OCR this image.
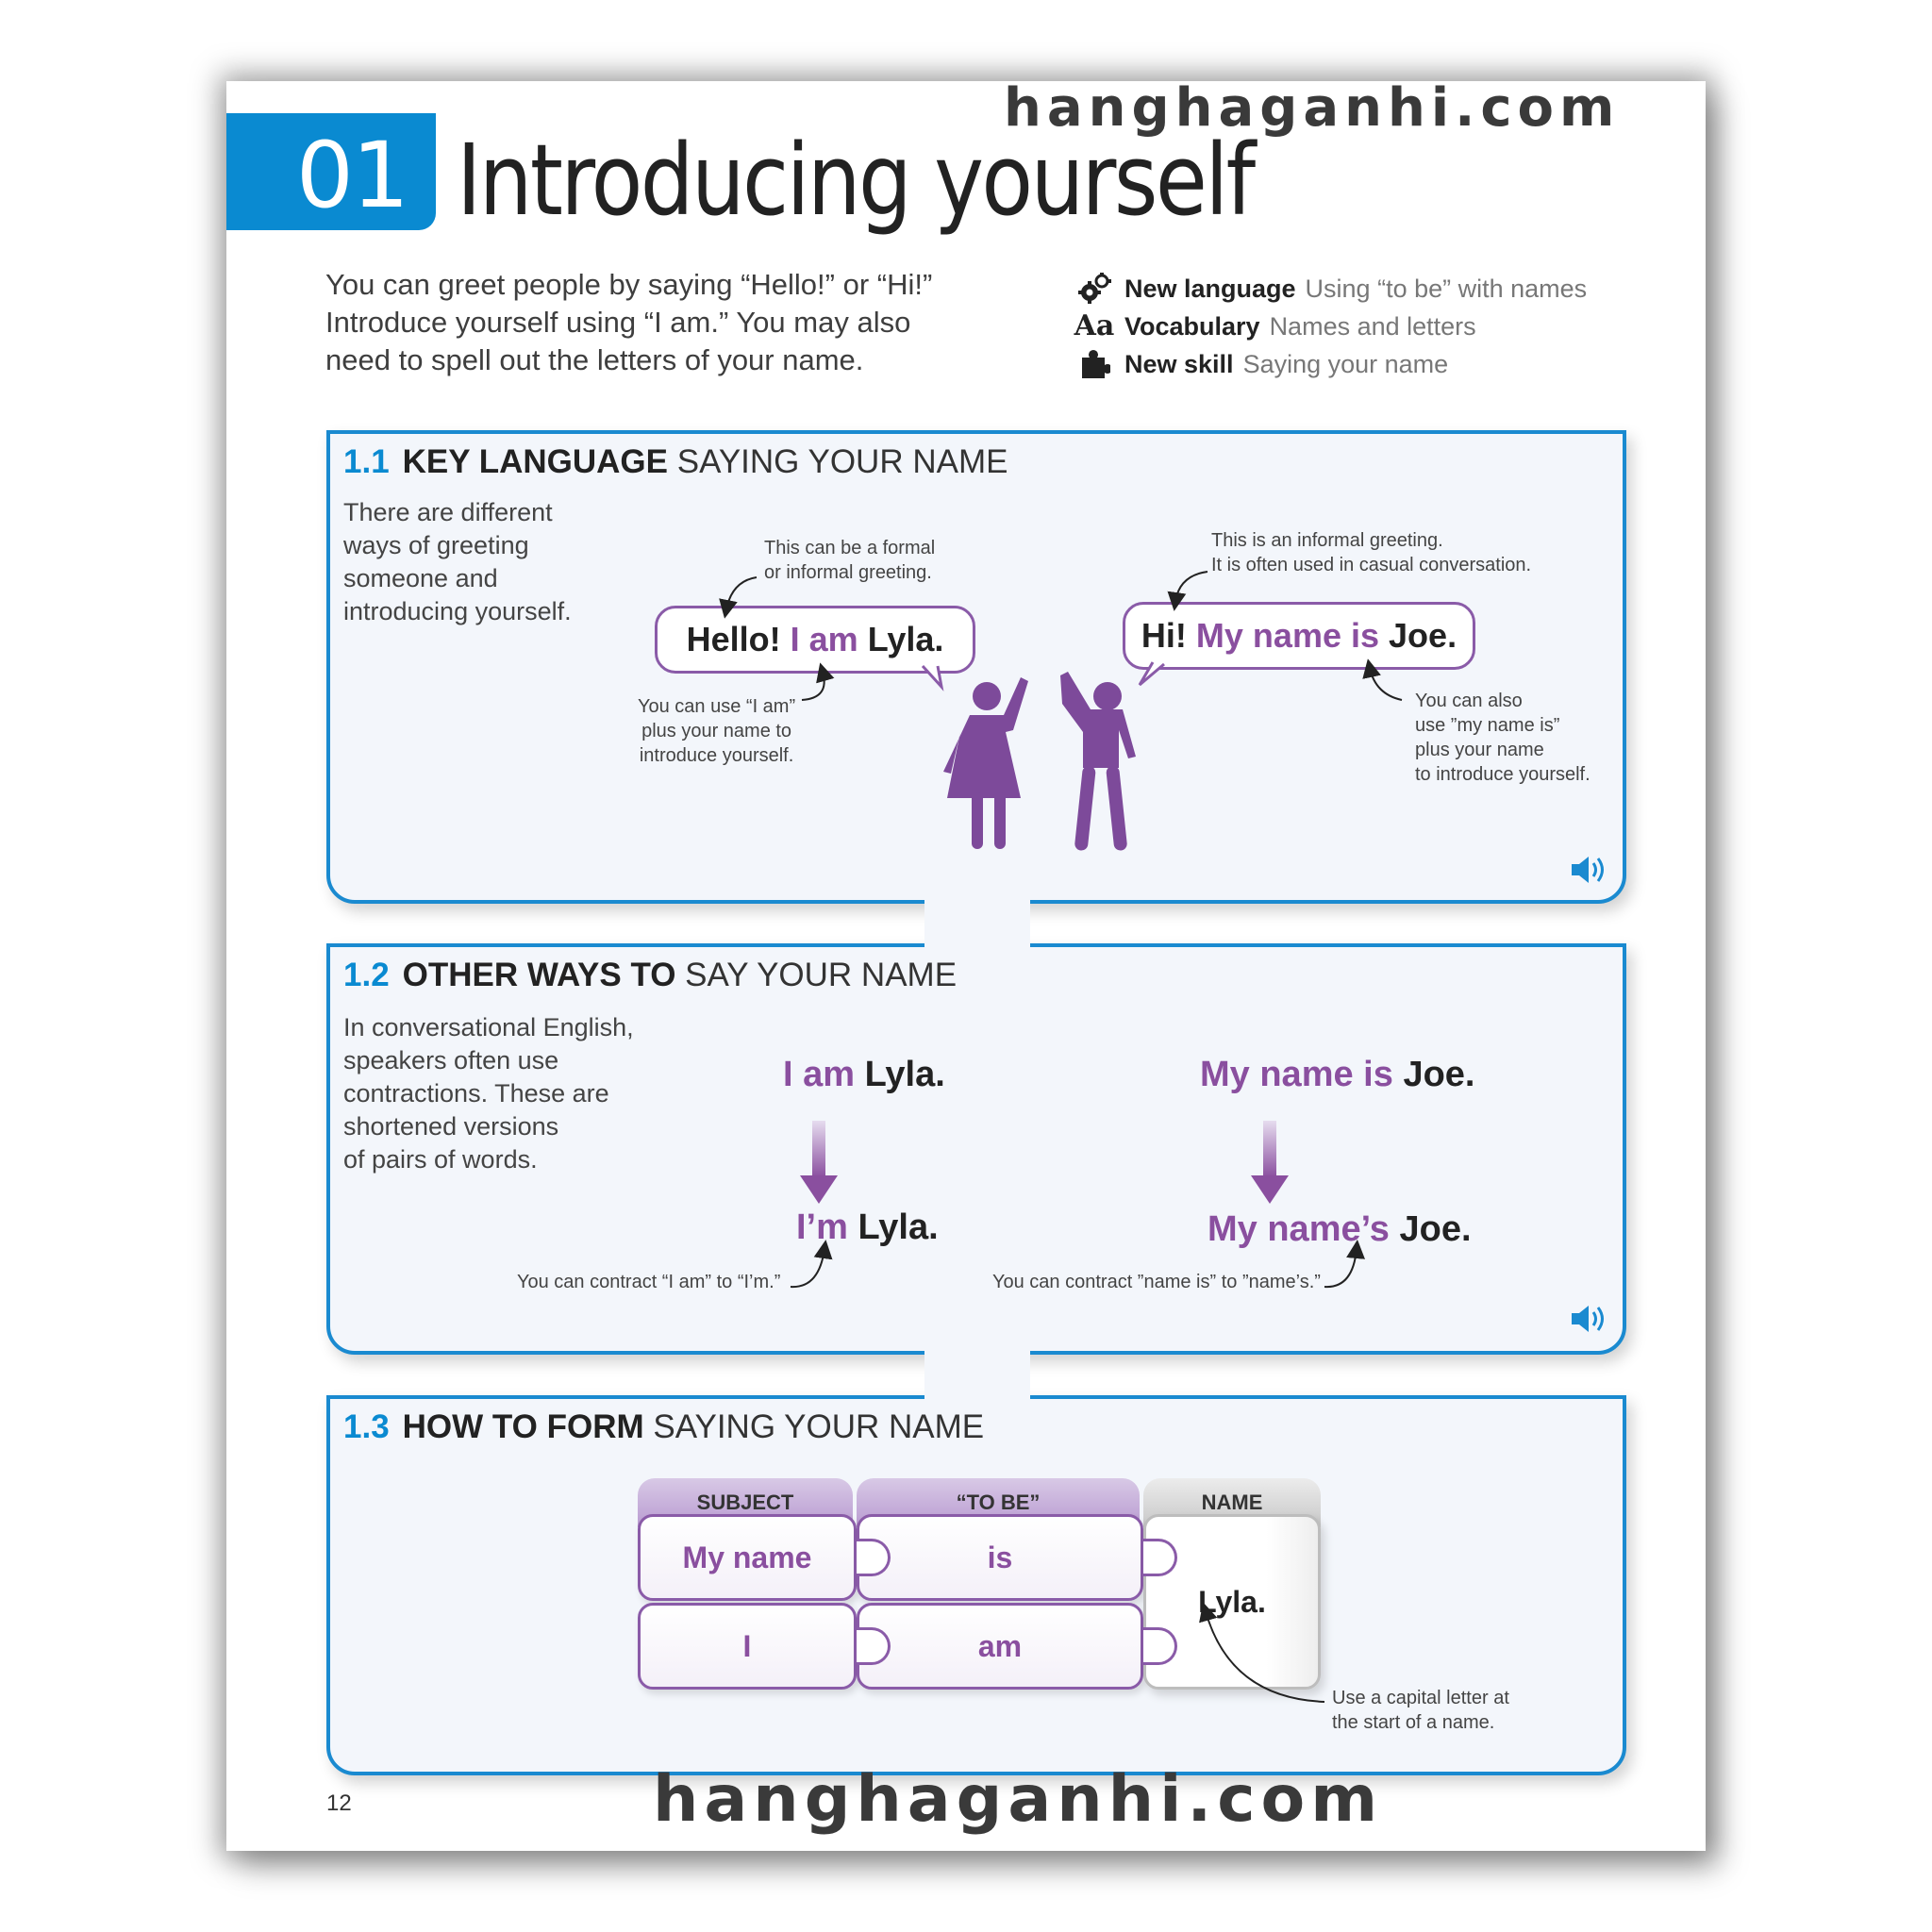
hanghaganhi.com
01 Introducing yourself
You can greet people by saying “Hello!” or “Hi!” Introduce yourself using “I am.” You may also need to spell out the letters of your name.
New language Using “to be” with names
Aa Vocabulary Names and letters
New skill Saying your name
1.1 KEY LANGUAGE SAYING YOUR NAME
There are different
ways of greeting
someone and
introducing yourself.
Hello!
I am
Lyla.	Hi!
My name is
Joe.
This can be a formal
or informal greeting.
You can use “I am”
plus your name to
introduce yourself.
This is an informal greeting.
It is often used in casual conversation.
You can also
use ”my name is”
plus your name
to introduce yourself.
1.2 OTHER WAYS TO SAY YOUR NAME
In conversational English,
speakers often use
contractions. These are
shortened versions
of pairs of words.
I am Lyla.
I’m Lyla.
My name is Joe.
My name’s Joe.
You can contract “I am” to “I’m.”	You can contract ”name is” to ”name’s.”
1.3 HOW TO FORM SAYING YOUR NAME
SUBJECT	“TO BE”	NAME
My name	is
I	am
Lyla.
Use a capital letter at
the start of a name.
12	hanghaganhi.com
